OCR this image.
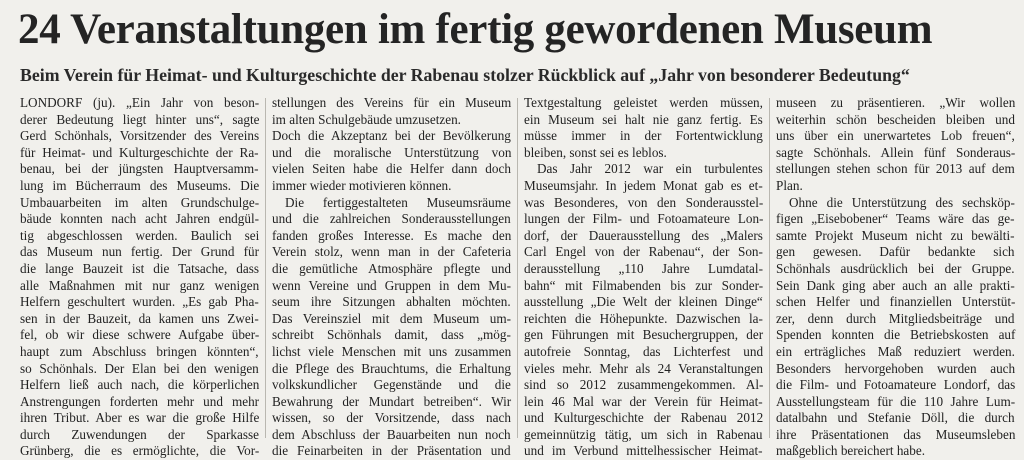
24 Veranstaltungen im fertig gewordenen Museum
Beim Verein für Heimat- und Kulturgeschichte der Rabenau stolzer Rückblick auf „Jahr von besonderer Bedeutung“
LONDORF (ju). „Ein Jahr von beson-
derer Bedeutung liegt hinter uns“, sagte
Gerd Schönhals, Vorsitzender des Vereins
für Heimat- und Kulturgeschichte der Ra-
benau, bei der jüngsten Hauptversamm-
lung im Bücherraum des Museums. Die
Umbauarbeiten im alten Grundschulge-
bäude konnten nach acht Jahren endgül-
tig abgeschlossen werden. Baulich sei
das Museum nun fertig. Der Grund für
die lange Bauzeit ist die Tatsache, dass
alle Maßnahmen mit nur ganz wenigen
Helfern geschultert wurden. „Es gab Pha-
sen in der Bauzeit, da kamen uns Zwei-
fel, ob wir diese schwere Aufgabe über-
haupt zum Abschluss bringen könnten“,
so Schönhals. Der Elan bei den wenigen
Helfern ließ auch nach, die körperlichen
Anstrengungen forderten mehr und mehr
ihren Tribut. Aber es war die große Hilfe
durch Zuwendungen der Sparkasse
Grünberg, die es ermöglichte, die Vor-
stellungen des Vereins für ein Museum
im alten Schulgebäude umzusetzen.
Doch die Akzeptanz bei der Bevölkerung
und die moralische Unterstützung von
vielen Seiten habe die Helfer dann doch
immer wieder motivieren können.
Die fertiggestalteten Museumsräume
und die zahlreichen Sonderausstellungen
fanden großes Interesse. Es mache den
Verein stolz, wenn man in der Cafeteria
die gemütliche Atmosphäre pflegte und
wenn Vereine und Gruppen in dem Mu-
seum ihre Sitzungen abhalten möchten.
Das Vereinsziel mit dem Museum um-
schreibt Schönhals damit, dass „mög-
lichst viele Menschen mit uns zusammen
die Pflege des Brauchtums, die Erhaltung
volkskundlicher Gegenstände und die
Bewahrung der Mundart betreiben“. Wir
wissen, so der Vorsitzende, dass nach
dem Abschluss der Bauarbeiten nun noch
die Feinarbeiten in der Präsentation und
Textgestaltung geleistet werden müssen,
ein Museum sei halt nie ganz fertig. Es
müsse immer in der Fortentwicklung
bleiben, sonst sei es leblos.
Das Jahr 2012 war ein turbulentes
Museumsjahr. In jedem Monat gab es et-
was Besonderes, von den Sonderausstel-
lungen der Film- und Fotoamateure Lon-
dorf, der Dauerausstellung des „Malers
Carl Engel von der Rabenau“, der Son-
derausstellung „110 Jahre Lumdatal-
bahn“ mit Filmabenden bis zur Sonder-
ausstellung „Die Welt der kleinen Dinge“
reichten die Höhepunkte. Dazwischen la-
gen Führungen mit Besuchergruppen, der
autofreie Sonntag, das Lichterfest und
vieles mehr. Mehr als 24 Veranstaltungen
sind so 2012 zusammengekommen. Al-
lein 46 Mal war der Verein für Heimat-
und Kulturgeschichte der Rabenau 2012
gemeinnützig tätig, um sich in Rabenau
und im Verbund mittelhessischer Heimat-
museen zu präsentieren. „Wir wollen
weiterhin schön bescheiden bleiben und
uns über ein unerwartetes Lob freuen“,
sagte Schönhals. Allein fünf Sonderaus-
stellungen stehen schon für 2013 auf dem
Plan.
Ohne die Unterstützung des sechsköp-
figen „Eisebobener“ Teams wäre das ge-
samte Projekt Museum nicht zu bewälti-
gen gewesen. Dafür bedankte sich
Schönhals ausdrücklich bei der Gruppe.
Sein Dank ging aber auch an alle prakti-
schen Helfer und finanziellen Unterstüt-
zer, denn durch Mitgliedsbeiträge und
Spenden konnten die Betriebskosten auf
ein erträgliches Maß reduziert werden.
Besonders hervorgehoben wurden auch
die Film- und Fotoamateure Londorf, das
Ausstellungsteam für die 110 Jahre Lum-
datalbahn und Stefanie Döll, die durch
ihre Präsentationen das Museumsleben
maßgeblich bereichert habe.
